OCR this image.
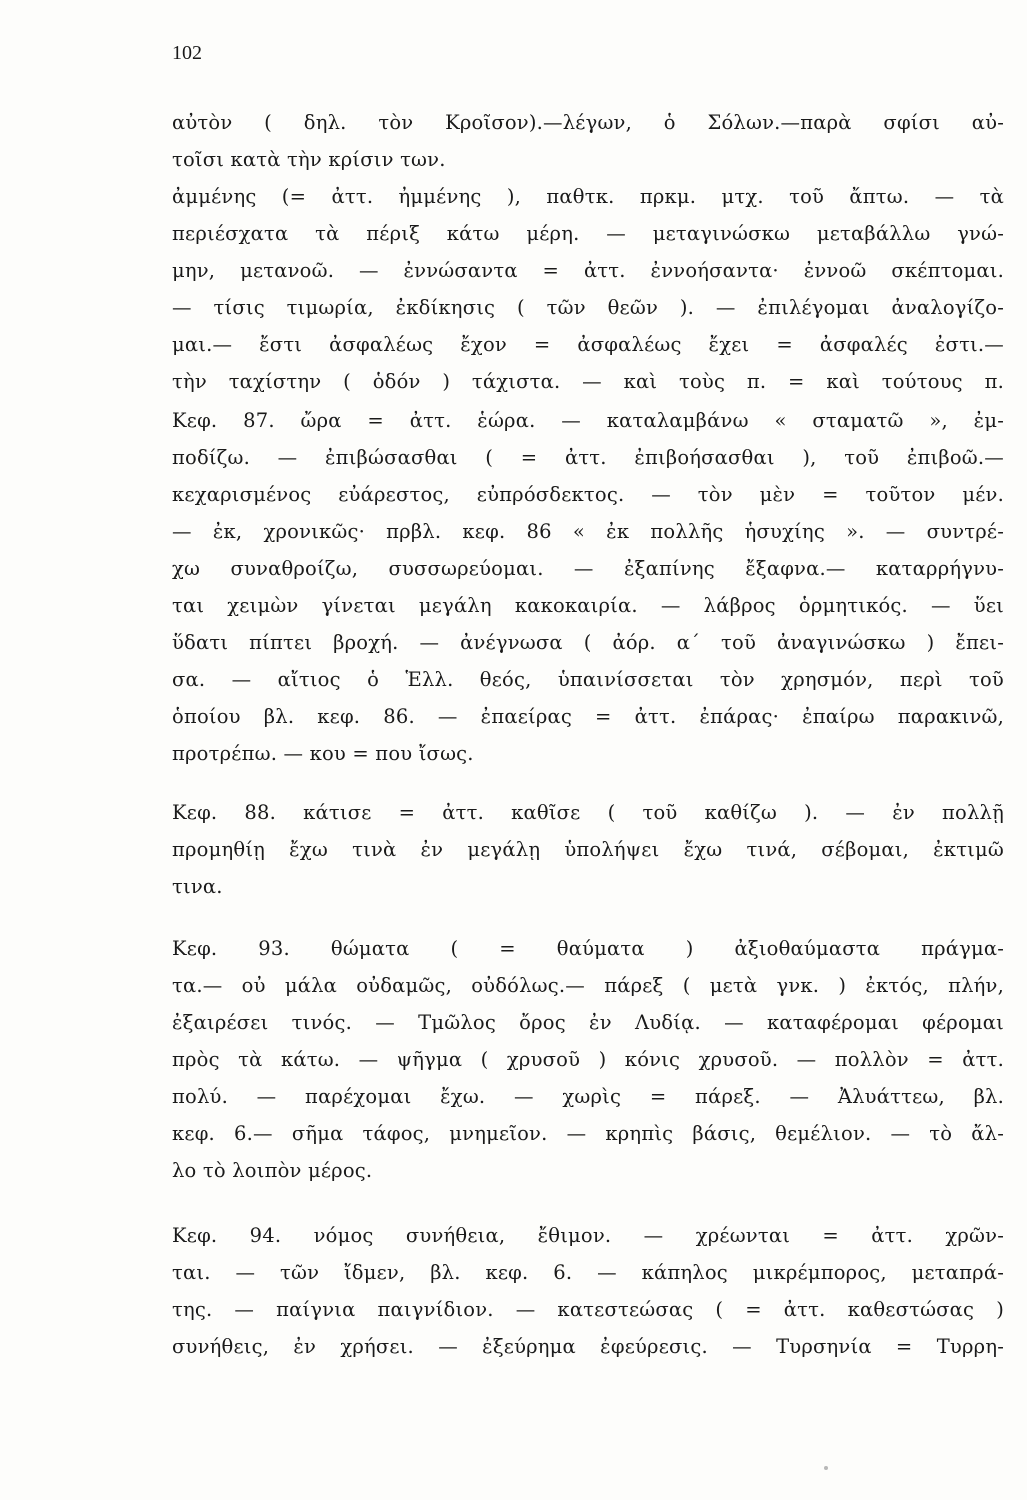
102
αὐτὸν ( δηλ. τὸν Κροῖσον).—λέγων, ὁ Σόλων.—παρὰ σφίσι αὐ-
τοῖσι κατὰ τὴν κρίσιν των.
ἀμμένης (= ἀττ. ἠμμένης ), παθτκ. πρκμ. μτχ. τοῦ ἄπτω. — τὰ
περιέσχατα τὰ πέριξ κάτω μέρη. — μεταγινώσκω μεταβάλλω γνώ-
μην, μετανοῶ. — ἐννώσαντα = ἀττ. ἐννοήσαντα· ἐννοῶ σκέπτομαι.
— τίσις τιμωρία, ἐκδίκησις ( τῶν θεῶν ). — ἐπιλέγομαι ἀναλογίζο-
μαι.— ἔστι ἀσφαλέως ἔχον = ἀσφαλέως ἔχει = ἀσφαλές ἐστι.—
τὴν ταχίστην ( ὁδόν ) τάχιστα. — καὶ τοὺς π. = καὶ τούτους π.
Κεφ. 87. ὤρα = ἀττ. ἑώρα. — καταλαμβάνω « σταματῶ », ἐμ-
ποδίζω. — ἐπιβώσασθαι ( = ἀττ. ἐπιβοήσασθαι ), τοῦ ἐπιβοῶ.—
κεχαρισμένος εὐάρεστος, εὐπρόσδεκτος. — τὸν μὲν = τοῦτον μέν.
— ἐκ, χρονικῶς· πρβλ. κεφ. 86 « ἐκ πολλῆς ἡσυχίης ». — συντρέ-
χω συναθροίζω, συσσωρεύομαι. — ἐξαπίνης ἔξαφνα.— καταρρήγνυ-
ται χειμὼν γίνεται μεγάλη κακοκαιρία. — λάβρος ὁρμητικός. — ὕει
ὕδατι πίπτει βροχή. — ἀνέγνωσα ( ἀόρ. α΄ τοῦ ἀναγινώσκω ) ἔπει-
σα. — αἴτιος ὁ Ἑλλ. θεός, ὑπαινίσσεται τὸν χρησμόν, περὶ τοῦ
ὁποίου βλ. κεφ. 86. — ἐπαείρας = ἀττ. ἐπάρας· ἐπαίρω παρακινῶ,
προτρέπω. — κου = που ἴσως.
Κεφ. 88. κάτισε = ἀττ. καθῖσε ( τοῦ καθίζω ). — ἐν πολλῇ
προμηθίῃ ἔχω τινὰ ἐν μεγάλῃ ὑπολήψει ἔχω τινά, σέβομαι, ἐκτιμῶ
τινα.
Κεφ. 93. θώματα ( = θαύματα ) ἀξιοθαύμαστα πράγμα-
τα.— οὐ μάλα οὐδαμῶς, οὐδόλως.— πάρεξ ( μετὰ γνκ. ) ἐκτός, πλήν,
ἐξαιρέσει τινός. — Τμῶλος ὄρος ἐν Λυδίᾳ. — καταφέρομαι φέρομαι
πρὸς τὰ κάτω. — ψῆγμα ( χρυσοῦ ) κόνις χρυσοῦ. — πολλὸν = ἀττ.
πολύ. — παρέχομαι ἔχω. — χωρὶς = πάρεξ. — Ἀλυάττεω, βλ.
κεφ. 6.— σῆμα τάφος, μνημεῖον. — κρηπὶς βάσις, θεμέλιον. — τὸ ἄλ-
λο τὸ λοιπὸν μέρος.
Κεφ. 94. νόμος συνήθεια, ἔθιμον. — χρέωνται = ἀττ. χρῶν-
ται. — τῶν ἴδμεν, βλ. κεφ. 6. — κάπηλος μικρέμπορος, μεταπρά-
της. — παίγνια παιγνίδιον. — κατεστεώσας ( = ἀττ. καθεστώσας )
συνήθεις, ἐν χρήσει. — ἐξεύρημα ἐφεύρεσις. — Τυρσηνία = Τυρρη-
